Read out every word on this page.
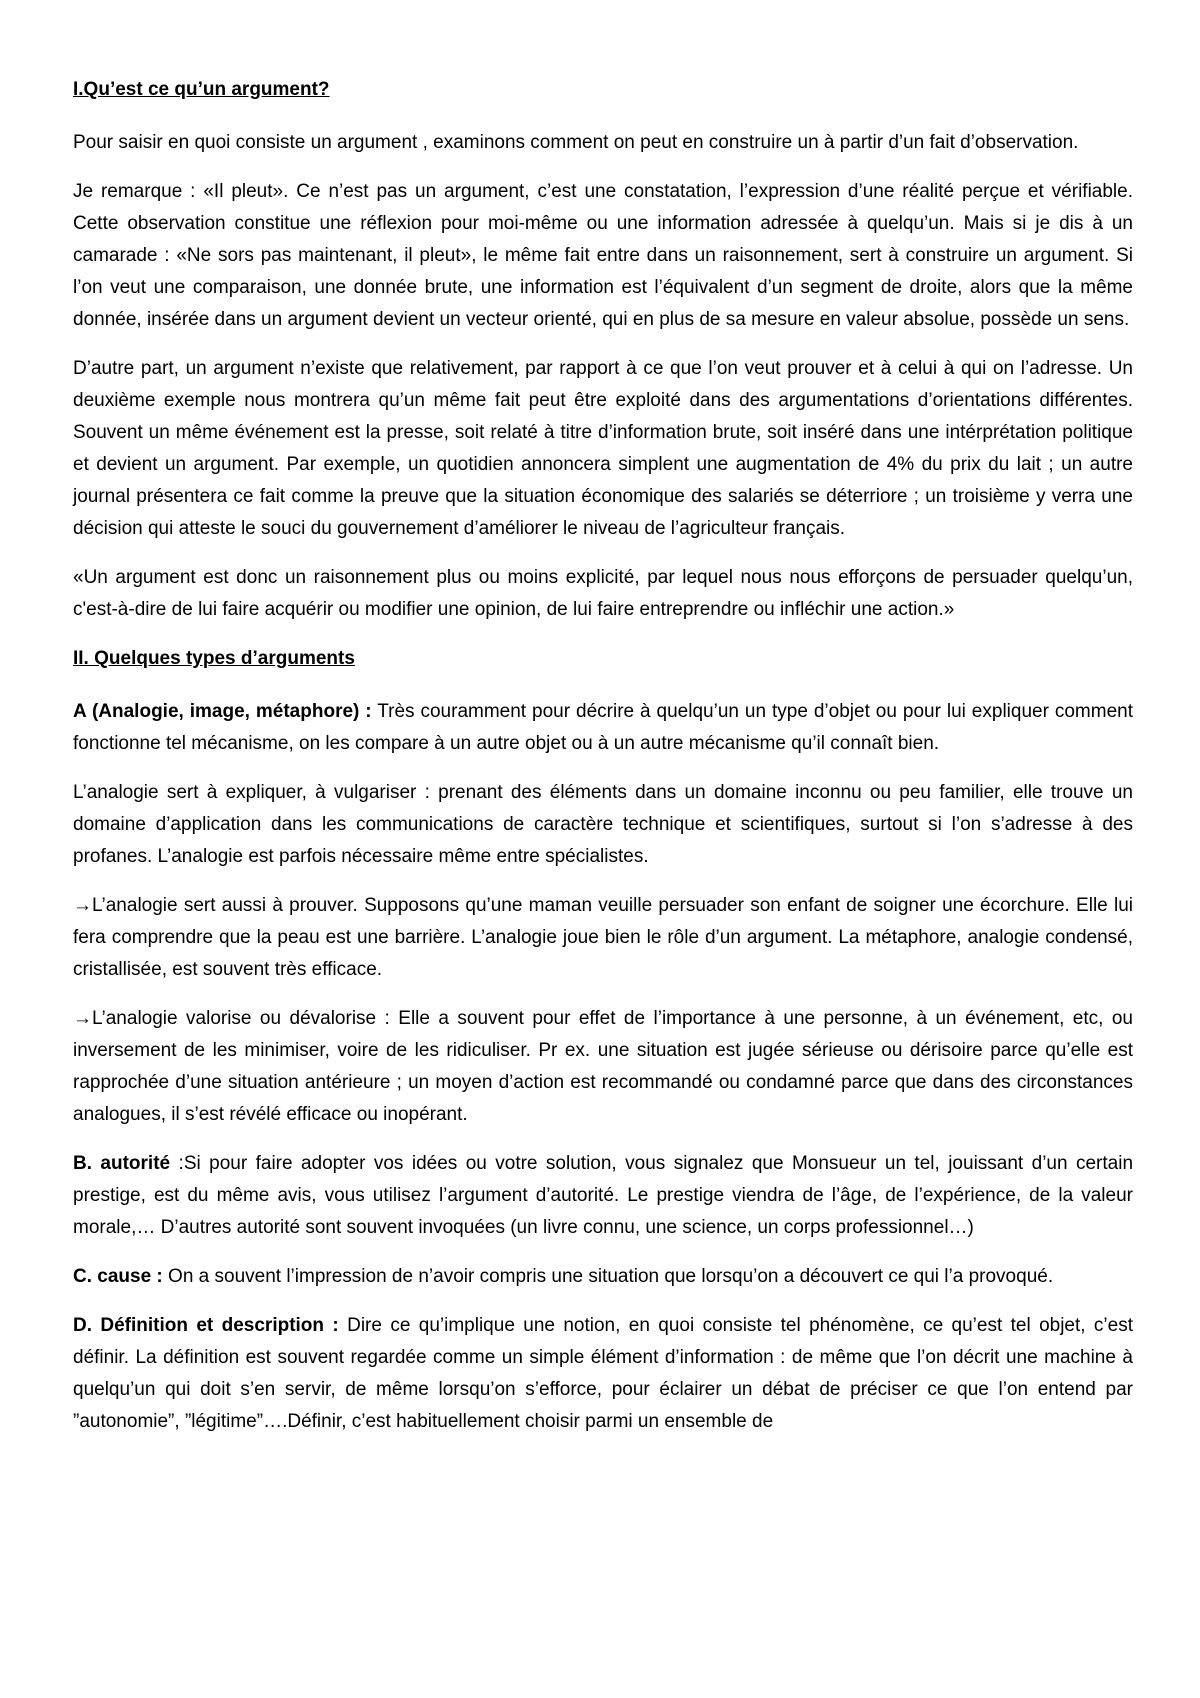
I.Qu’est ce qu’un argument?

Pour saisir en quoi consiste un argument , examinons comment on peut en construire un à partir d’un fait d’observation.

Je remarque : «Il pleut». Ce n’est pas un argument, c’est une constatation, l’expression d’une réalité perçue et vérifiable. Cette observation constitue une réflexion pour moi-même ou une information adressée à quelqu’un. Mais si je dis à un camarade : «Ne sors pas maintenant, il pleut», le même fait entre dans un raisonnement, sert à construire un argument. Si l’on veut une comparaison, une donnée brute, une information est l’équivalent d’un segment de droite, alors que la même donnée, insérée dans un argument devient un vecteur orienté, qui en plus de sa mesure en valeur absolue, possède un sens.

D’autre part, un argument n’existe que relativement, par rapport à ce que l’on veut prouver et à celui à qui on l’adresse. Un deuxième exemple nous montrera qu’un même fait peut être exploité dans des argumentations d’orientations différentes. Souvent un même événement est la presse, soit relaté à titre d’information brute, soit inséré dans une intérprétation politique et devient un argument. Par exemple, un quotidien annoncera simplent une augmentation de 4% du prix du lait ; un autre journal présentera ce fait comme la preuve que la situation économique des salariés se déterriore ; un troisième y verra une décision qui atteste le souci du gouvernement d’améliorer le niveau de l’agriculteur français.

«Un argument est donc un raisonnement plus ou moins explicité, par lequel nous nous efforçons de persuader quelqu’un, c'est-à-dire de lui faire acquérir ou modifier une opinion, de lui faire entreprendre ou infléchir une action.»

II. Quelques types d’arguments

A (Analogie, image, métaphore) : Très couramment pour décrire à quelqu’un un type d’objet ou pour lui expliquer comment fonctionne tel mécanisme, on les compare à un autre objet ou à un autre mécanisme qu’il connaît bien.

L’analogie sert à expliquer, à vulgariser : prenant des éléments dans un domaine inconnu ou peu familier, elle trouve un domaine d’application dans les communications de caractère technique et scientifiques, surtout si l’on s’adresse à des profanes. L’analogie est parfois nécessaire même entre spécialistes.

→L’analogie sert aussi à prouver. Supposons qu’une maman veuille persuader son enfant de soigner une écorchure. Elle lui fera comprendre que la peau est une barrière. L’analogie joue bien le rôle d’un argument. La métaphore, analogie condensé, cristallisée, est souvent très efficace.

→L’analogie valorise ou dévalorise : Elle a souvent pour effet de l’importance à une personne, à un événement, etc, ou inversement de les minimiser, voire de les ridiculiser. Pr ex. une situation est jugée sérieuse ou dérisoire parce qu’elle est rapprochée d’une situation antérieure ; un moyen d’action est recommandé ou condamné parce que dans des circonstances analogues, il s’est révélé efficace ou inopérant.

B. autorité :Si pour faire adopter vos idées ou votre solution, vous signalez que Monsueur un tel, jouissant d’un certain prestige, est du même avis, vous utilisez l’argument d’autorité. Le prestige viendra de l’âge, de l’expérience, de la valeur morale,… D’autres autorité sont souvent invoquées (un livre connu, une science, un corps professionnel…)

C. cause : On a souvent l’impression de n’avoir compris une situation que lorsqu’on a découvert ce qui l’a provoqué.

D. Définition et description : Dire ce qu’implique une notion, en quoi consiste tel phénomène, ce qu’est tel objet, c’est définir. La définition est souvent regardée comme un simple élément d’information : de même que l’on décrit une machine à quelqu’un qui doit s’en servir, de même lorsqu’on s’efforce, pour éclairer un débat de préciser ce que l’on entend par ”autonomie”, ”légitime”….Définir, c’est habituellement choisir parmi un ensemble de
